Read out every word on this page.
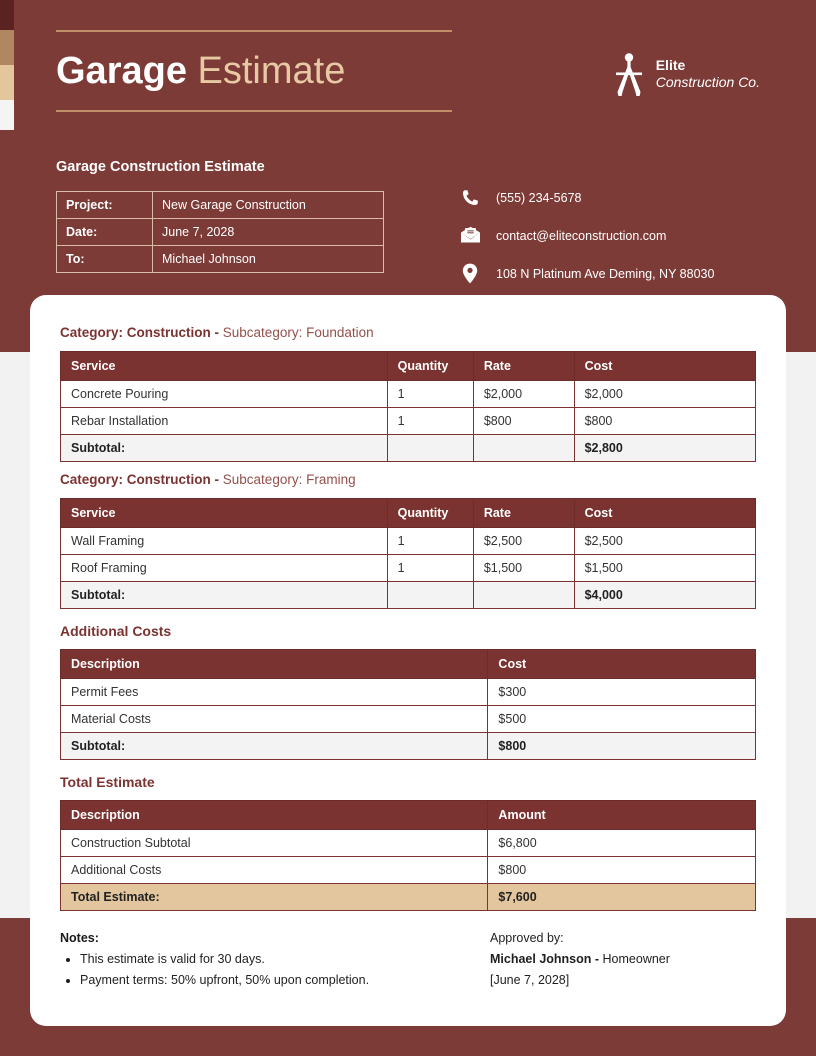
Garage Estimate	Elite
Construction Co.
Garage Construction Estimate
Project:	New Garage Construction
Date:	June 7, 2028
To:	Michael Johnson
(555) 234-5678
contact@eliteconstruction.com
108 N Platinum Ave Deming, NY 88030
Category: Construction - Subcategory: Foundation
Service	Quantity	Rate	Cost
Concrete Pouring	1	$2,000	$2,000
Rebar Installation	1	$800	$800
Subtotal:			$2,800
Category: Construction - Subcategory: Framing
Service	Quantity	Rate	Cost
Wall Framing	1	$2,500	$2,500
Roof Framing	1	$1,500	$1,500
Subtotal:			$4,000
Additional Costs
Description	Cost
Permit Fees	$300
Material Costs	$500
Subtotal:	$800
Total Estimate
Description	Amount
Construction Subtotal	$6,800
Additional Costs	$800
Total Estimate:	$7,600
Notes:
• This estimate is valid for 30 days.
• Payment terms: 50% upfront, 50% upon completion.
Approved by:
Michael Johnson - Homeowner
[June 7, 2028]
